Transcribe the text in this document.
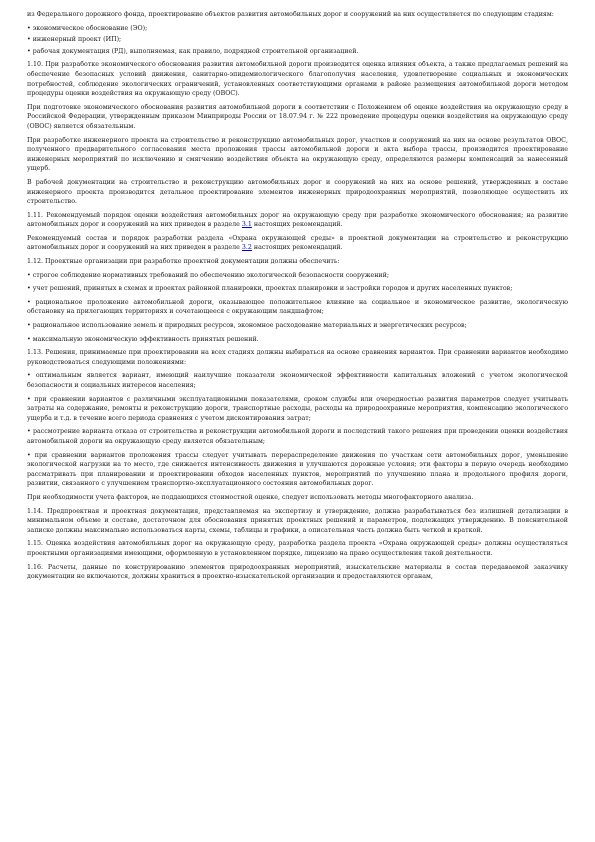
из Федерального дорожного фонда, проектирование объектов развития автомобильных дорог и сооружений на них осуществляется по следующим стадиям:

• экономическое обоснование (ЭО);

• инженерный проект (ИП);

• рабочая документация (РД), выполняемая, как правило, подрядной строительной организацией.

1.10. При разработке экономического обоснования развития автомобильной дороги производится оценка влияния объекта, а также предлагаемых решений на обеспечение безопасных условий движения, санитарно-эпидемиологического благополучия населения, удовлетворение социальных и экономических потребностей, соблюдение экологических ограничений, установленных соответствующими органами в районе размещения автомобильной дороги методом процедуры оценки воздействия на окружающую среду (ОВОС).

При подготовке экономического обоснования развития автомобильной дороги в соответствии с Положением об оценке воздействия на окружающую среду в Российской Федерации, утвержденным приказом Минприроды России от 18.07.94 г. № 222 проведение процедуры оценки воздействия на окружающую среду (ОВОС) является обязательным.

При разработке инженерного проекта на строительство и реконструкцию автомобильных дорог, участков и сооружений на них на основе результатов ОВОС, полученного предварительного согласования места проложения трассы автомобильной дороги и акта выбора трассы, производится проектирование инженерных мероприятий по исключению и смягчению воздействия объекта на окружающую среду, определяются размеры компенсаций за нанесенный ущерб.

В рабочей документации на строительство и реконструкцию автомобильных дорог и сооружений на них на основе решений, утвержденных в составе инженерного проекта производится детальное проектирование элементов инженерных природоохранных мероприятий, позволяющее осуществить их строительство.

1.11. Рекомендуемый порядок оценки воздействия автомобильных дорог на окружающую среду при разработке экономического обоснования; на развитие автомобильных дорог и сооружений на них приведен в разделе 3.1 настоящих рекомендаций.

Рекомендуемый состав и порядок разработки раздела «Охрана окружающей среды» в проектной документации на строительство и реконструкцию автомобильных дорог и сооружений на них приведен в разделе 3.2 настоящих рекомендаций.

1.12. Проектные организации при разработке проектной документации должны обеспечить:

• строгое соблюдение нормативных требований по обеспечению экологической безопасности сооружений;

• учет решений, принятых в схемах и проектах районной планировки, проектах планировки и застройки городов и других населенных пунктов;

• рациональное проложение автомобильной дороги, оказывающее положительное влияние на социальное и экономическое развитие, экологическую обстановку на прилегающих территориях и сочетающееся с окружающим ландшафтом;

• рациональное использование земель и природных ресурсов, экономное расходование материальных и энергетических ресурсов;

• максимальную экономическую эффективность принятых решений.

1.13. Решения, принимаемые при проектировании на всех стадиях должны выбираться на основе сравнения вариантов. При сравнении вариантов необходимо руководствоваться следующими положениями:

• оптимальным является вариант, имеющий наилучшие показатели экономической эффективности капитальных вложений с учетом экологической безопасности и социальных интересов населения;

• при сравнении вариантов с различными эксплуатационными показателями, сроком службы или очередностью развития параметров следует учитывать затраты на содержание, ремонты и реконструкцию дороги, транспортные расходы, расходы на природоохранные мероприятия, компенсацию экологического ущерба и т.д. в течение всего периода сравнения с учетом дисконтирования затрат;

• рассмотрение варианта отказа от строительства и реконструкции автомобильной дороги и последствий такого решения при проведении оценки воздействия автомобильной дороги на окружающую среду является обязательным;

• при сравнении вариантов проложения трассы следует учитывать перераспределение движения по участкам сети автомобильных дорог, уменьшение экологической нагрузки на то место, где снижается интенсивность движения и улучшаются дорожные условия; эти факторы в первую очередь необходимо рассматривать при планировании и проектировании обходов населенных пунктов, мероприятий по улучшению плана и продольного профиля дороги, развитии, связанного с улучшением транспортно-эксплуатационного состояния автомобильных дорог.

При необходимости учета факторов, не поддающихся стоимостной оценке, следует использовать методы многофакторного анализа.

1.14. Предпроектная и проектная документация, представляемая на экспертизу и утверждение, должна разрабатываться без излишней детализации в минимальном объеме и составе, достаточном для обоснования принятых проектных решений и параметров, подлежащих утверждению. В пояснительной записке должны максимально использоваться карты, схемы, таблицы и графики, а описательная часть должна быть четкой и краткой.

1.15. Оценка воздействия автомобильных дорог на окружающую среду, разработка раздела проекта «Охрана окружающей среды» должны осуществляться проектными организациями имеющими, оформленную в установленном порядке, лицензию на право осуществления такой деятельности.

1.16. Расчеты, данные по конструированию элементов природоохранных мероприятий, изыскательские материалы в состав передаваемой заказчику документации не включаются, должны храниться в проектно-изыскательской организации и предоставляются органам,
